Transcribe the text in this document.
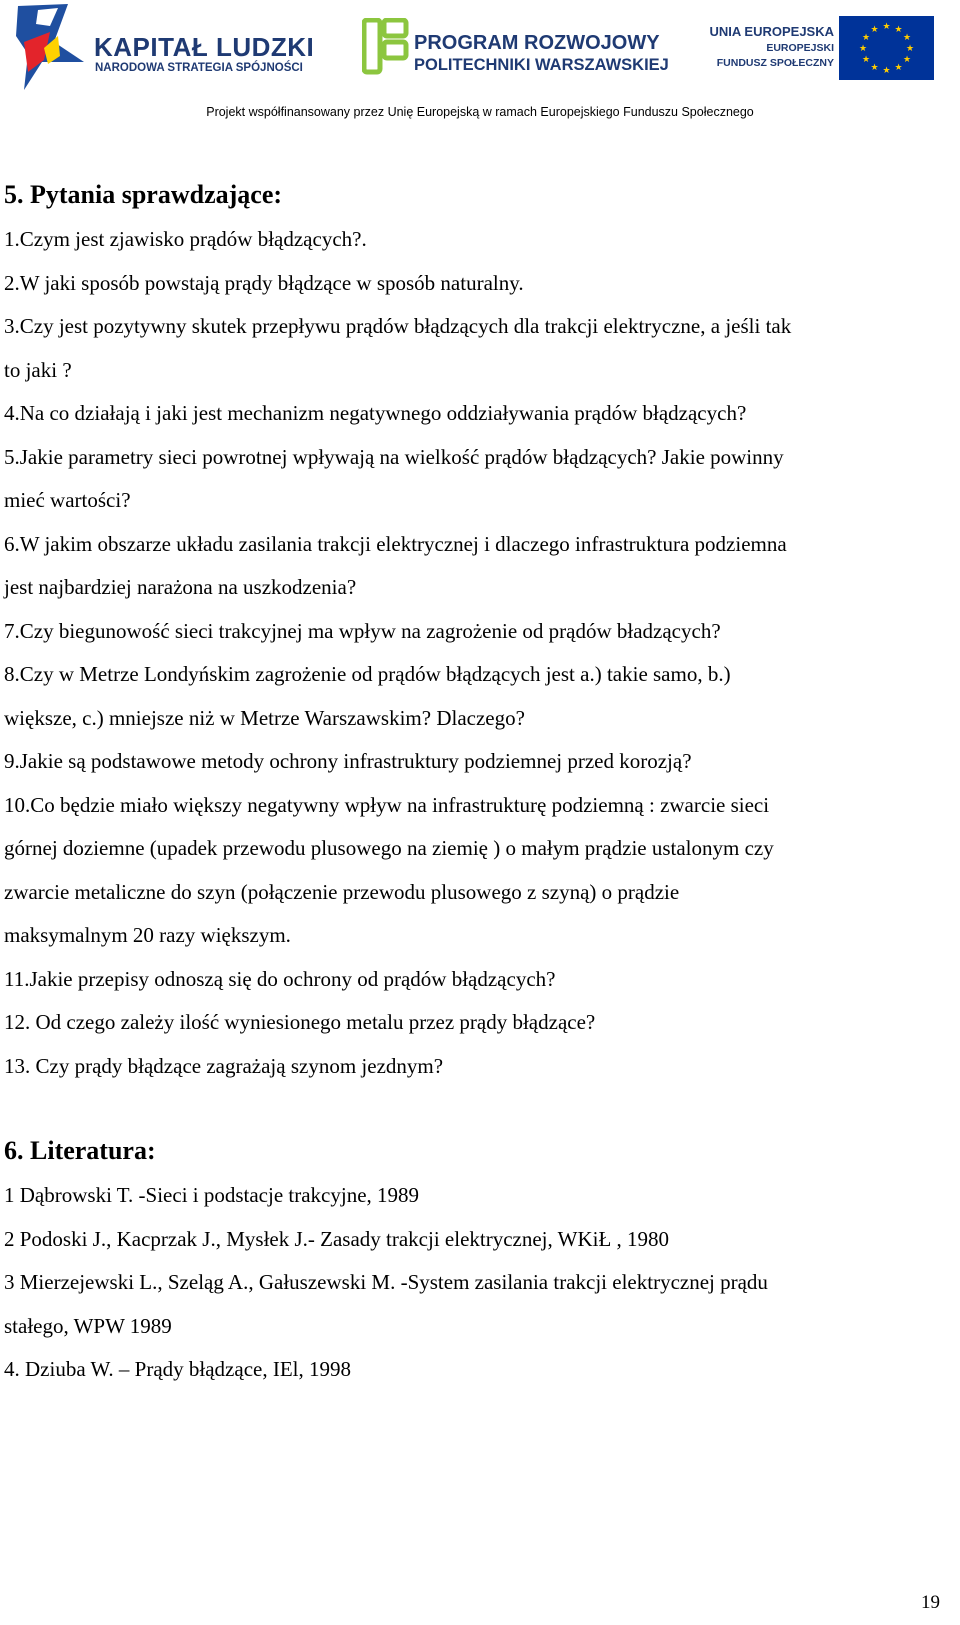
KAPITAŁ LUDZKI
NARODOWA STRATEGIA SPÓJNOŚCI
PROGRAM ROZWOJOWY
POLITECHNIKI WARSZAWSKIEJ
UNIA EUROPEJSKA
EUROPEJSKI
FUNDUSZ SPOŁECZNY
★ ★
★
★
★
★
★
★
★
★
★
★
Projekt współfinansowany przez Unię Europejską w ramach Europejskiego Funduszu Społecznego

5. Pytania sprawdzające:

1.Czym jest zjawisko prądów błądzących?.

2.W jaki sposób powstają prądy błądzące w sposób naturalny.

3.Czy jest pozytywny skutek przepływu prądów błądzących dla trakcji elektryczne, a jeśli tak

to jaki ?

4.Na co działają i jaki jest mechanizm negatywnego oddziaływania prądów błądzących?

5.Jakie parametry sieci powrotnej wpływają na wielkość prądów błądzących? Jakie powinny

mieć wartości?

6.W jakim obszarze układu zasilania trakcji elektrycznej i dlaczego infrastruktura podziemna

jest najbardziej narażona na uszkodzenia?

7.Czy biegunowość sieci trakcyjnej ma wpływ na zagrożenie od prądów bładzących?

8.Czy w Metrze Londyńskim zagrożenie od prądów błądzących jest a.) takie samo, b.)

większe, c.) mniejsze niż w Metrze Warszawskim? Dlaczego?

9.Jakie są podstawowe metody ochrony infrastruktury podziemnej przed korozją?

10.Co będzie miało większy negatywny wpływ na infrastrukturę podziemną : zwarcie sieci

górnej doziemne (upadek przewodu plusowego na ziemię ) o małym prądzie ustalonym czy

zwarcie metaliczne do szyn (połączenie przewodu plusowego z szyną) o prądzie

maksymalnym 20 razy większym.

11.Jakie przepisy odnoszą się do ochrony od prądów błądzących?

12. Od czego zależy ilość wyniesionego metalu przez prądy błądzące?

13. Czy prądy błądzące zagrażają szynom jezdnym?

6. Literatura:

1 Dąbrowski T. -Sieci i podstacje trakcyjne, 1989

2 Podoski J., Kacprzak J., Mysłek J.- Zasady trakcji elektrycznej, WKiŁ , 1980

3 Mierzejewski L., Szeląg A., Gałuszewski M. -System zasilania trakcji elektrycznej prądu

stałego, WPW 1989

4. Dziuba W. – Prądy błądzące, IEl, 1998

19
